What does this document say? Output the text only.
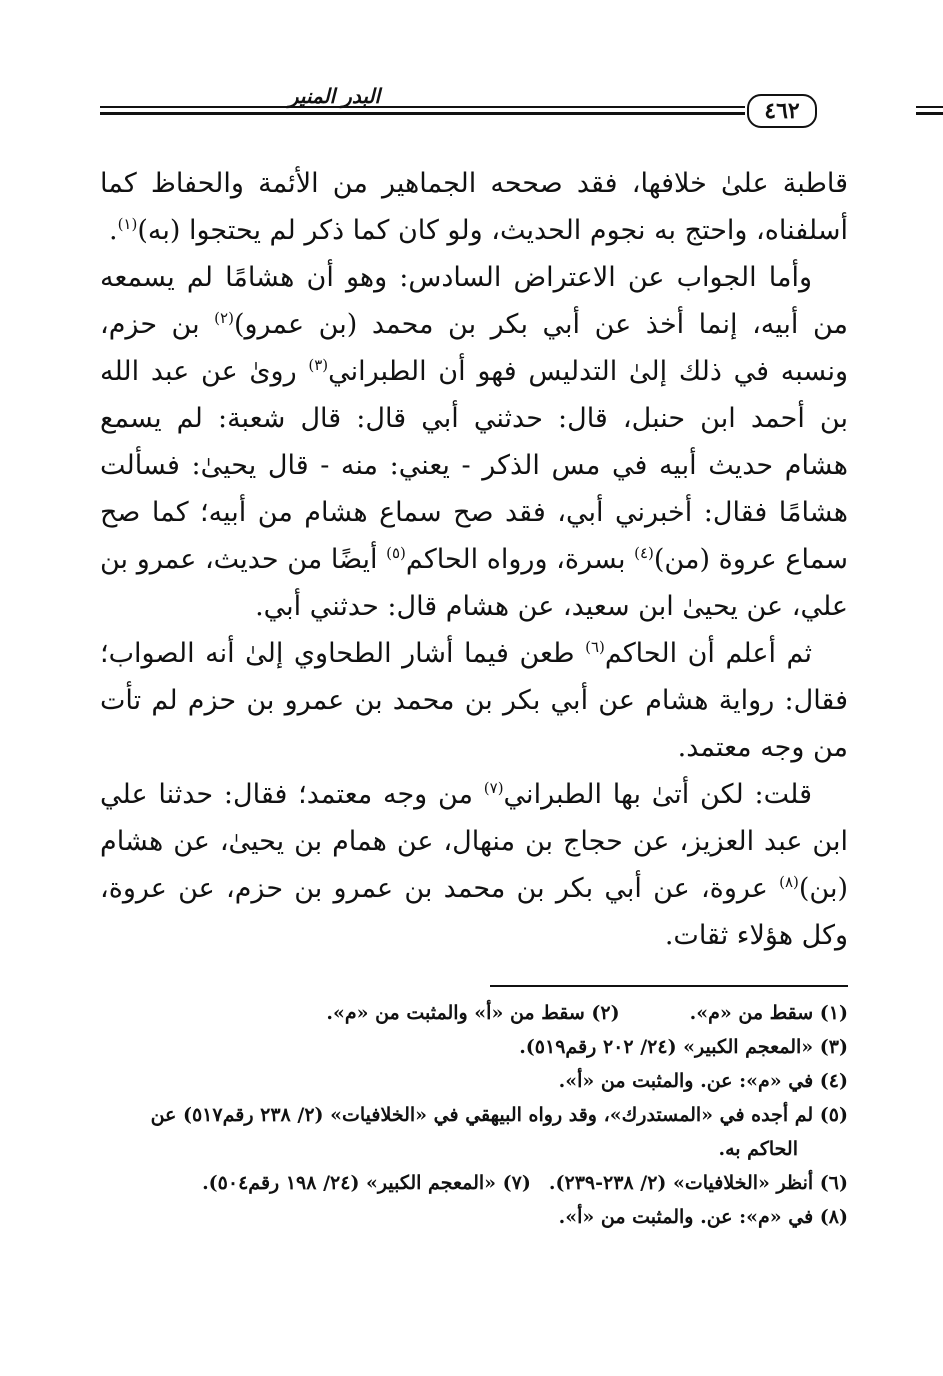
٤٦٢
البدر المنير

قاطبة علىٰ خلافها، فقد صححه الجماهير من الأئمة والحفاظ كما أسلفناه، واحتج به نجوم الحديث، ولو كان كما ذكر لم يحتجوا (به)$^{(١)}$.

وأما الجواب عن الاعتراض السادس: وهو أن هشامًا لم يسمعه من أبيه، إنما أخذ عن أبي بكر بن محمد (بن عمرو)$^{(٢)}$ بن حزم، ونسبه في ذلك إلىٰ التدليس فهو أن الطبراني$^{(٣)}$ روىٰ عن عبد الله بن أحمد ابن حنبل، قال: حدثني أبي قال: قال شعبة: لم يسمع هشام حديث أبيه في مس الذكر - يعني: منه - قال يحيىٰ: فسألت هشامًا فقال: أخبرني أبي، فقد صح سماع هشام من أبيه؛ كما صح سماع عروة (من)$^{(٤)}$ بسرة، ورواه الحاكم$^{(٥)}$ أيضًا من حديث، عمرو بن علي، عن يحيىٰ ابن سعيد، عن هشام قال: حدثني أبي.

ثم أعلم أن الحاكم$^{(٦)}$ طعن فيما أشار الطحاوي إلىٰ أنه الصواب؛ فقال: رواية هشام عن أبي بكر بن محمد بن عمرو بن حزم لم تأت من وجه معتمد.

قلت: لكن أتىٰ بها الطبراني$^{(٧)}$ من وجه معتمد؛ فقال: حدثنا علي ابن عبد العزيز، عن حجاج بن منهال، عن همام بن يحيىٰ، عن هشام (بن)$^{(٨)}$ عروة، عن أبي بكر بن محمد بن عمرو بن حزم، عن عروة، وكل هؤلاء ثقات.

(١) سقط من «م».(٢) سقط من «أ» والمثبت من «م».

(٣) «المعجم الكبير» (٢٤/ ٢٠٢ رقم٥١٩).

(٤) في «م»: عن. والمثبت من «أ».

(٥) لم أجده في «المستدرك»، وقد رواه البيهقي في «الخلافيات» (٢/ ٢٣٨ رقم٥١٧) عن

الحاكم به.

(٦) أنظر «الخلافيات» (٢/ ٢٣٨-٢٣٩).(٧) «المعجم الكبير» (٢٤/ ١٩٨ رقم٥٠٤).

(٨) في «م»: عن. والمثبت من «أ».
